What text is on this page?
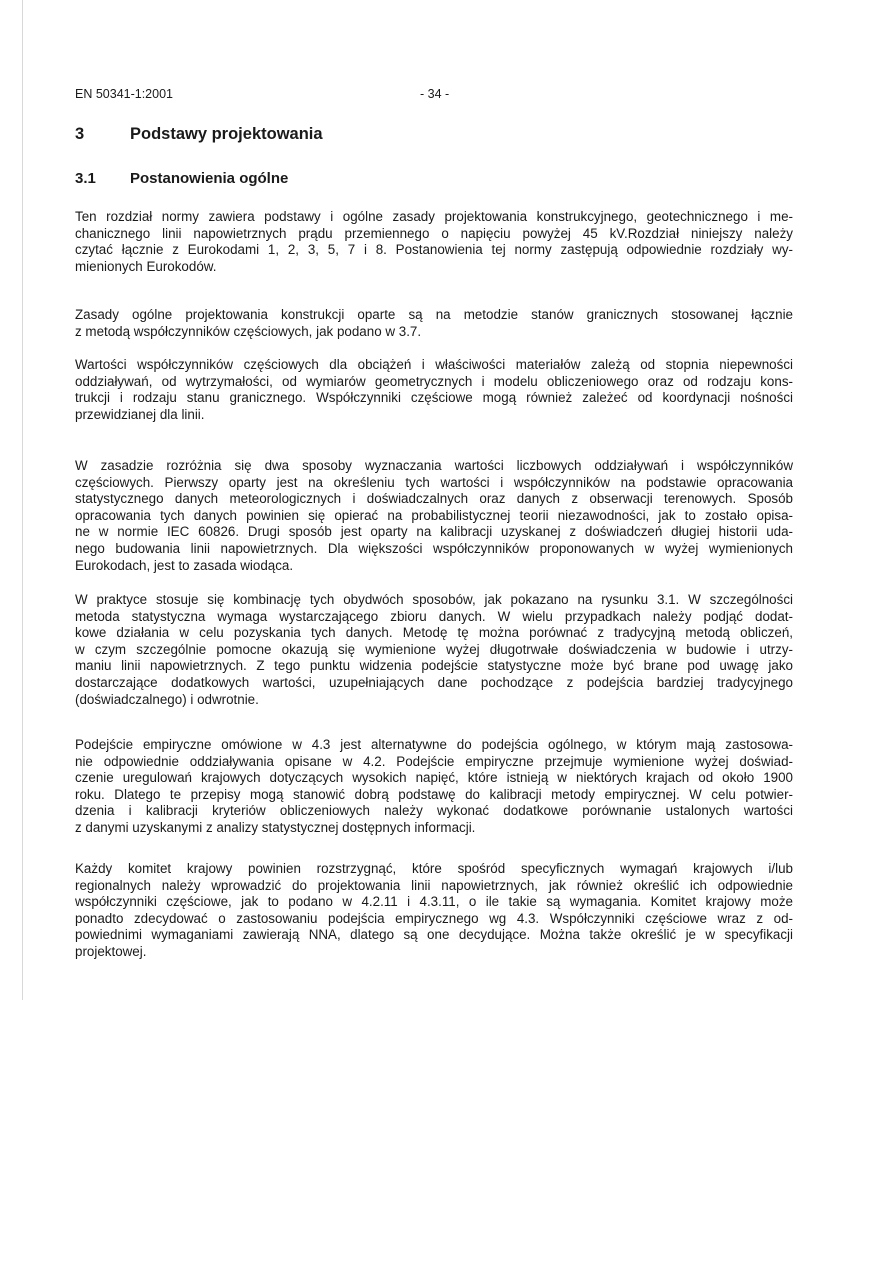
EN 50341-1:2001	- 34 -
3	Podstawy projektowania
3.1 Postanowienia ogólne
Ten rozdział normy zawiera podstawy i ogólne zasady projektowania konstrukcyjnego, geotechnicznego i me-
chanicznego linii napowietrznych prądu przemiennego o napięciu powyżej 45 kV.Rozdział niniejszy należy
czytać łącznie z Eurokodami 1, 2, 3, 5, 7 i 8. Postanowienia tej normy zastępują odpowiednie rozdziały wy-
mienionych Eurokodów.
Zasady ogólne projektowania konstrukcji oparte są na metodzie stanów granicznych stosowanej łącznie
z metodą współczynników częściowych, jak podano w 3.7.
Wartości współczynników częściowych dla obciążeń i właściwości materiałów zależą od stopnia niepewności
oddziaływań, od wytrzymałości, od wymiarów geometrycznych i modelu obliczeniowego oraz od rodzaju kons-
trukcji i rodzaju stanu granicznego. Współczynniki częściowe mogą również zależeć od koordynacji nośności
przewidzianej dla linii.
W zasadzie rozróżnia się dwa sposoby wyznaczania wartości liczbowych oddziaływań i współczynników
częściowych. Pierwszy oparty jest na określeniu tych wartości i współczynników na podstawie opracowania
statystycznego danych meteorologicznych i doświadczalnych oraz danych z obserwacji terenowych. Sposób
opracowania tych danych powinien się opierać na probabilistycznej teorii niezawodności, jak to zostało opisa-
ne w normie IEC 60826. Drugi sposób jest oparty na kalibracji uzyskanej z doświadczeń długiej historii uda-
nego budowania linii napowietrznych. Dla większości współczynników proponowanych w wyżej wymienionych
Eurokodach, jest to zasada wiodąca.
W praktyce stosuje się kombinację tych obydwóch sposobów, jak pokazano na rysunku 3.1. W szczególności
metoda statystyczna wymaga wystarczającego zbioru danych. W wielu przypadkach należy podjąć dodat-
kowe działania w celu pozyskania tych danych. Metodę tę można porównać z tradycyjną metodą obliczeń,
w czym szczególnie pomocne okazują się wymienione wyżej długotrwałe doświadczenia w budowie i utrzy-
maniu linii napowietrznych. Z tego punktu widzenia podejście statystyczne może być brane pod uwagę jako
dostarczające dodatkowych wartości, uzupełniających dane pochodzące z podejścia bardziej tradycyjnego
(doświadczalnego) i odwrotnie.
Podejście empiryczne omówione w 4.3 jest alternatywne do podejścia ogólnego, w którym mają zastosowa-
nie odpowiednie oddziaływania opisane w 4.2. Podejście empiryczne przejmuje wymienione wyżej doświad-
czenie uregulowań krajowych dotyczących wysokich napięć, które istnieją w niektórych krajach od około 1900
roku. Dlatego te przepisy mogą stanowić dobrą podstawę do kalibracji metody empirycznej. W celu potwier-
dzenia i kalibracji kryteriów obliczeniowych należy wykonać dodatkowe porównanie ustalonych wartości
z danymi uzyskanymi z analizy statystycznej dostępnych informacji.
Każdy komitet krajowy powinien rozstrzygnąć, które spośród specyficznych wymagań krajowych i/lub
regionalnych należy wprowadzić do projektowania linii napowietrznych, jak również określić ich odpowiednie
współczynniki częściowe, jak to podano w 4.2.11 i 4.3.11, o ile takie są wymagania. Komitet krajowy może
ponadto zdecydować o zastosowaniu podejścia empirycznego wg 4.3. Współczynniki częściowe wraz z od-
powiednimi wymaganiami zawierają NNA, dlatego są one decydujące. Można także określić je w specyfikacji
projektowej.
